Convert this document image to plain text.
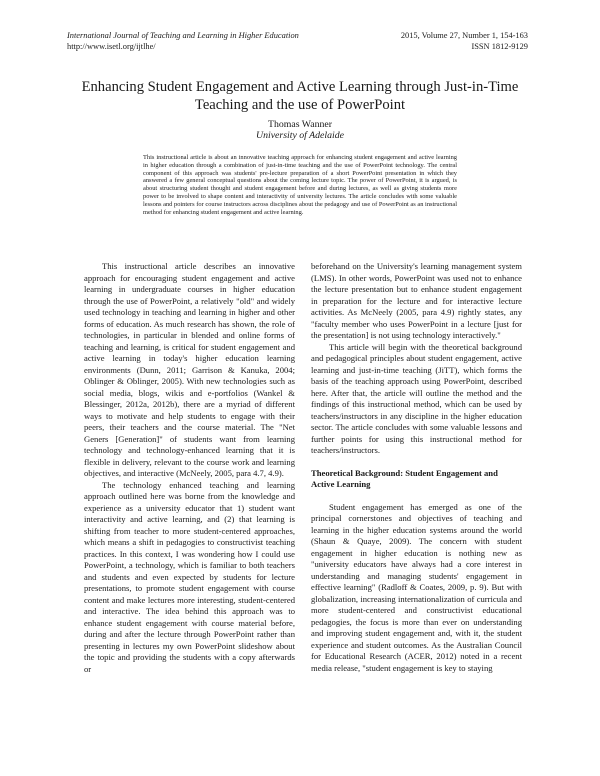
International Journal of Teaching and Learning in Higher Education
http://www.isetl.org/ijtlhe/
2015, Volume 27, Number 1, 154-163
ISSN 1812-9129
Enhancing Student Engagement and Active Learning through Just-in-Time
Teaching and the use of PowerPoint
Thomas Wanner
University of Adelaide
This instructional article is about an innovative teaching approach for enhancing student engagement and active learning in higher education through a combination of just-in-time teaching and the use of PowerPoint technology. The central component of this approach was students' pre-lecture preparation of a short PowerPoint presentation in which they answered a few general conceptual questions about the coming lecture topic. The power of PowerPoint, it is argued, is about structuring student thought and student engagement before and during lectures, as well as giving students more power to be involved to shape content and interactivity of university lectures. The article concludes with some valuable lessons and pointers for course instructors across disciplines about the pedagogy and use of PowerPoint as an instructional method for enhancing student engagement and active learning.

This instructional article describes an innovative approach for encouraging student engagement and active learning in undergraduate courses in higher education through the use of PowerPoint, a relatively "old" and widely used technology in teaching and learning in higher and other forms of education. As much research has shown, the role of technologies, in particular in blended and online forms of teaching and learning, is critical for student engagement and active learning in today's higher education learning environments (Dunn, 2011; Garrison & Kanuka, 2004; Oblinger & Oblinger, 2005). With new technologies such as social media, blogs, wikis and e-portfolios (Wankel & Blessinger, 2012a, 2012b), there are a myriad of different ways to motivate and help students to engage with their peers, their teachers and the course material. The "Net Geners [Generation]" of students want from learning technology and technology-enhanced learning that it is flexible in delivery, relevant to the course work and learning objectives, and interactive (McNeely, 2005, para 4.7, 4.9).

The technology enhanced teaching and learning approach outlined here was borne from the knowledge and experience as a university educator that 1) student want interactivity and active learning, and (2) that learning is shifting from teacher to more student-centered approaches, which means a shift in pedagogies to constructivist teaching practices. In this context, I was wondering how I could use PowerPoint, a technology, which is familiar to both teachers and students and even expected by students for lecture presentations, to promote student engagement with course content and make lectures more interesting, student-centered and interactive. The idea behind this approach was to enhance student engagement with course material before, during and after the lecture through PowerPoint rather than presenting in lectures my own PowerPoint slideshow about the topic and providing the students with a copy afterwards or

beforehand on the University's learning management system (LMS). In other words, PowerPoint was used not to enhance the lecture presentation but to enhance student engagement in preparation for the lecture and for interactive lecture activities. As McNeely (2005, para 4.9) rightly states, any "faculty member who uses PowerPoint in a lecture [just for the presentation] is not using technology interactively."

This article will begin with the theoretical background and pedagogical principles about student engagement, active learning and just-in-time teaching (JiTT), which forms the basis of the teaching approach using PowerPoint, described here. After that, the article will outline the method and the findings of this instructional method, which can be used by teachers/instructors in any discipline in the higher education sector. The article concludes with some valuable lessons and further points for using this instructional method for teachers/instructors.

Theoretical Background: Student Engagement and Active Learning

Student engagement has emerged as one of the principal cornerstones and objectives of teaching and learning in the higher education systems around the world (Shaun & Quaye, 2009). The concern with student engagement in higher education is nothing new as "university educators have always had a core interest in understanding and managing students' engagement in effective learning" (Radloff & Coates, 2009, p. 9). But with globalization, increasing internationalization of curricula and more student-centered and constructivist educational pedagogies, the focus is more than ever on understanding and improving student engagement and, with it, the student experience and student outcomes. As the Australian Council for Educational Research (ACER, 2012) noted in a recent media release, "student engagement is key to staying
